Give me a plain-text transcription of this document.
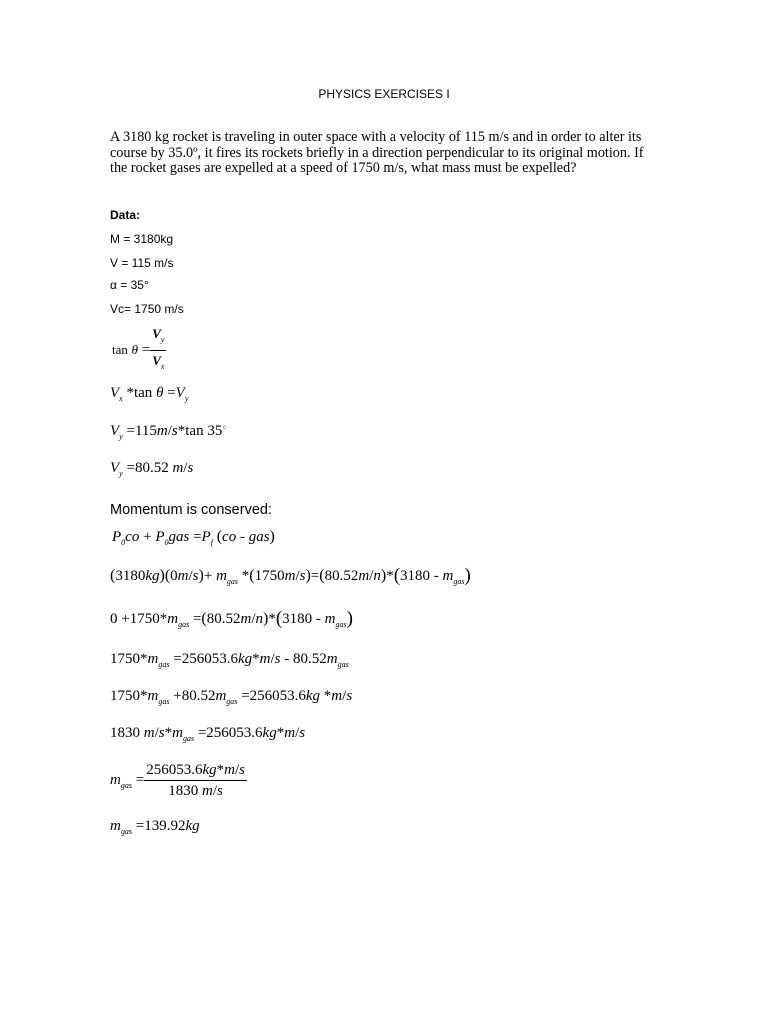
PHYSICS EXERCISES I
A 3180 kg rocket is traveling in outer space with a velocity of 115 m/s and in order to alter its course by 35.0º, it fires its rockets briefly in a direction perpendicular to its original motion. If the rocket gases are expelled at a speed of 1750 m/s, what mass must be expelled?
Data:
M = 3180kg
V = 115 m/s
α = 35°
Vc= 1750 m/s
$\tan \theta = \frac{V_y}{V_x}$
$V_x$ *tan $\theta =V_y$
$V_y =115m/s*\tan$ 35○
$V_y =80.52$ m/s
Momentum is conserved:
$P_0co + P_0gas =P_f$ (co - gas)
$(3180kg)(0m/s)+ m_{gas}$ $*(1750m/s)=(80.52m/n)*(3180 - m_{gas})$
$0 +1750*m_{gas} =(80.52m/n)*(3180 - m_{gas})$
$1750*m_{gas} =256053.6kg*m/s - 80.52m_{gas}$
$1750*m_{gas} +80.52m_{gas} =256053.6kg$ *m/s
1830 $m/s*m_{gas} =256053.6kg*m/s$
$m_{gas} = \frac{256053.6kg*m/s}{1830 m/s}$
$m_{gas} =139.92kg$
